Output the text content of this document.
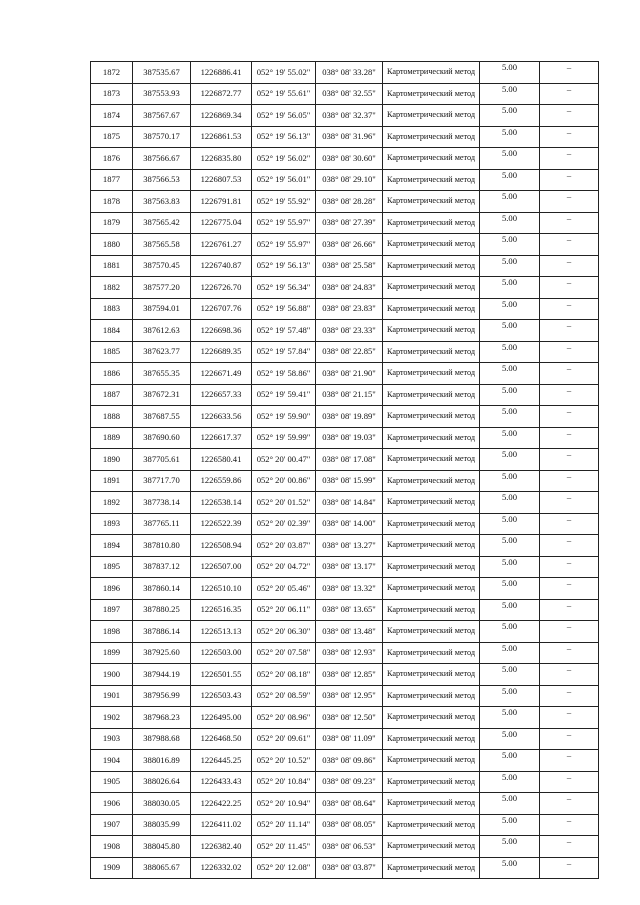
1872	387535.67	1226886.41	052° 19' 55.02"	038° 08' 33.28"	Картометрический метод	5.00	–
1873	387553.93	1226872.77	052° 19' 55.61"	038° 08' 32.55"	Картометрический метод	5.00	–
1874	387567.67	1226869.34	052° 19' 56.05"	038° 08' 32.37"	Картометрический метод	5.00	–
1875	387570.17	1226861.53	052° 19' 56.13"	038° 08' 31.96"	Картометрический метод	5.00	–
1876	387566.67	1226835.80	052° 19' 56.02"	038° 08' 30.60"	Картометрический метод	5.00	–
1877	387566.53	1226807.53	052° 19' 56.01"	038° 08' 29.10"	Картометрический метод	5.00	–
1878	387563.83	1226791.81	052° 19' 55.92"	038° 08' 28.28"	Картометрический метод	5.00	–
1879	387565.42	1226775.04	052° 19' 55.97"	038° 08' 27.39"	Картометрический метод	5.00	–
1880	387565.58	1226761.27	052° 19' 55.97"	038° 08' 26.66"	Картометрический метод	5.00	–
1881	387570.45	1226740.87	052° 19' 56.13"	038° 08' 25.58"	Картометрический метод	5.00	–
1882	387577.20	1226726.70	052° 19' 56.34"	038° 08' 24.83"	Картометрический метод	5.00	–
1883	387594.01	1226707.76	052° 19' 56.88"	038° 08' 23.83"	Картометрический метод	5.00	–
1884	387612.63	1226698.36	052° 19' 57.48"	038° 08' 23.33"	Картометрический метод	5.00	–
1885	387623.77	1226689.35	052° 19' 57.84"	038° 08' 22.85"	Картометрический метод	5.00	–
1886	387655.35	1226671.49	052° 19' 58.86"	038° 08' 21.90"	Картометрический метод	5.00	–
1887	387672.31	1226657.33	052° 19' 59.41"	038° 08' 21.15"	Картометрический метод	5.00	–
1888	387687.55	1226633.56	052° 19' 59.90"	038° 08' 19.89"	Картометрический метод	5.00	–
1889	387690.60	1226617.37	052° 19' 59.99"	038° 08' 19.03"	Картометрический метод	5.00	–
1890	387705.61	1226580.41	052° 20' 00.47"	038° 08' 17.08"	Картометрический метод	5.00	–
1891	387717.70	1226559.86	052° 20' 00.86"	038° 08' 15.99"	Картометрический метод	5.00	–
1892	387738.14	1226538.14	052° 20' 01.52"	038° 08' 14.84"	Картометрический метод	5.00	–
1893	387765.11	1226522.39	052° 20' 02.39"	038° 08' 14.00"	Картометрический метод	5.00	–
1894	387810.80	1226508.94	052° 20' 03.87"	038° 08' 13.27"	Картометрический метод	5.00	–
1895	387837.12	1226507.00	052° 20' 04.72"	038° 08' 13.17"	Картометрический метод	5.00	–
1896	387860.14	1226510.10	052° 20' 05.46"	038° 08' 13.32"	Картометрический метод	5.00	–
1897	387880.25	1226516.35	052° 20' 06.11"	038° 08' 13.65"	Картометрический метод	5.00	–
1898	387886.14	1226513.13	052° 20' 06.30"	038° 08' 13.48"	Картометрический метод	5.00	–
1899	387925.60	1226503.00	052° 20' 07.58"	038° 08' 12.93"	Картометрический метод	5.00	–
1900	387944.19	1226501.55	052° 20' 08.18"	038° 08' 12.85"	Картометрический метод	5.00	–
1901	387956.99	1226503.43	052° 20' 08.59"	038° 08' 12.95"	Картометрический метод	5.00	–
1902	387968.23	1226495.00	052° 20' 08.96"	038° 08' 12.50"	Картометрический метод	5.00	–
1903	387988.68	1226468.50	052° 20' 09.61"	038° 08' 11.09"	Картометрический метод	5.00	–
1904	388016.89	1226445.25	052° 20' 10.52"	038° 08' 09.86"	Картометрический метод	5.00	–
1905	388026.64	1226433.43	052° 20' 10.84"	038° 08' 09.23"	Картометрический метод	5.00	–
1906	388030.05	1226422.25	052° 20' 10.94"	038° 08' 08.64"	Картометрический метод	5.00	–
1907	388035.99	1226411.02	052° 20' 11.14"	038° 08' 08.05"	Картометрический метод	5.00	–
1908	388045.80	1226382.40	052° 20' 11.45"	038° 08' 06.53"	Картометрический метод	5.00	–
1909	388065.67	1226332.02	052° 20' 12.08"	038° 08' 03.87"	Картометрический метод	5.00	–
